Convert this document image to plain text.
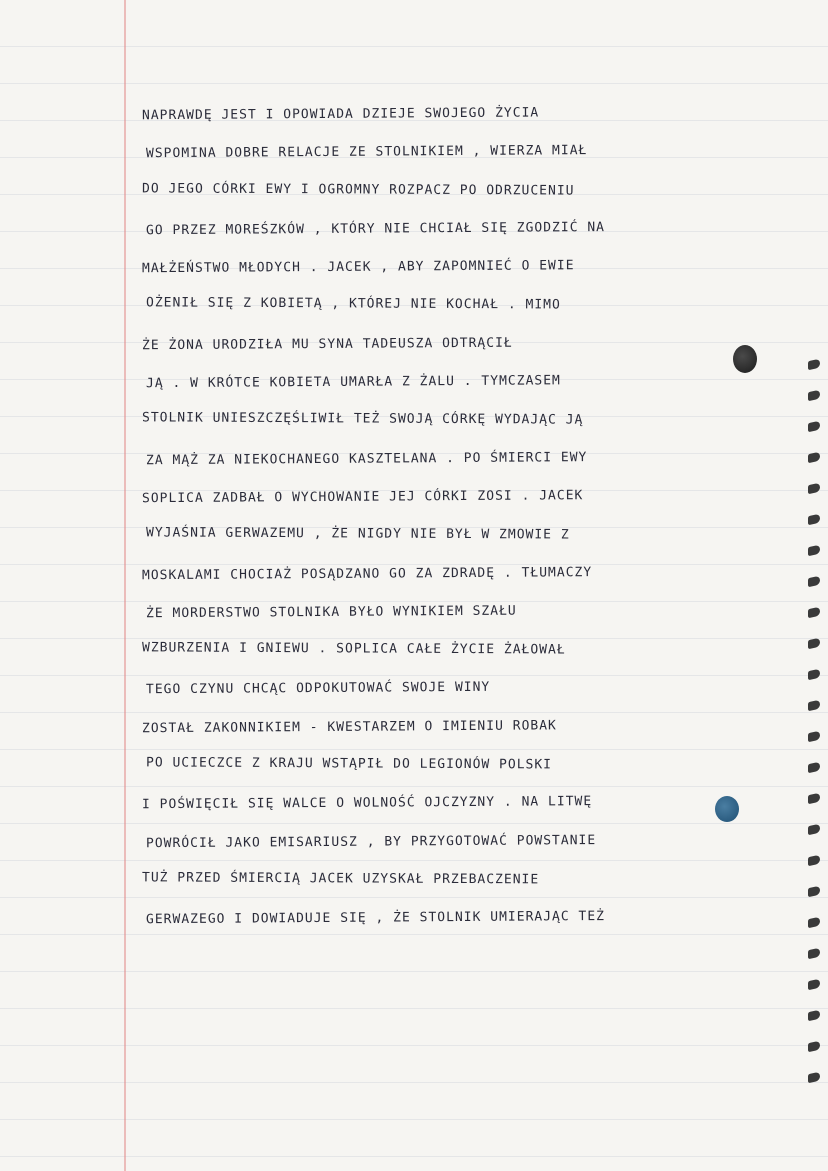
NAPRAWDĘ JEST I OPOWIADA DZIEJE SWOJEGO ŻYCIA
WSPOMINA DOBRE RELACJE ZE STOLNIKIEM , WIERZA MIAŁ
DO JEGO CÓRKI EWY I OGROMNY ROZPACZ PO ODRZUCENIU
GO PRZEZ MOREŚZKÓW , KTÓRY NIE CHCIAŁ SIĘ ZGODZIĆ NA
MAŁŻEŃSTWO MŁODYCH . JACEK , ABY ZAPOMNIEĆ O EWIE
OŻENIŁ SIĘ Z KOBIETĄ , KTÓREJ NIE KOCHAŁ . MIMO
ŻE ŻONA URODZIŁA MU SYNA TADEUSZA ODTRĄCIŁ
JĄ . W KRÓTCE KOBIETA UMARŁA Z ŻALU . TYMCZASEM
STOLNIK UNIESZCZĘŚLIWIŁ TEŻ SWOJĄ CÓRKĘ WYDAJĄC JĄ
ZA MĄŻ ZA NIEKOCHANEGO KASZTELANA . PO ŚMIERCI EWY
SOPLICA ZADBAŁ O WYCHOWANIE JEJ CÓRKI ZOSI . JACEK
WYJAŚNIA GERWAZEMU , ŻE NIGDY NIE BYŁ W ZMOWIE Z
MOSKALAMI CHOCIAŻ POSĄDZANO GO ZA ZDRADĘ . TŁUMACZY
ŻE MORDERSTWO STOLNIKA BYŁO WYNIKIEM SZAŁU
WZBURZENIA I GNIEWU . SOPLICA CAŁE ŻYCIE ŻAŁOWAŁ
TEGO CZYNU CHCĄC ODPOKUTOWAĆ SWOJE WINY
ZOSTAŁ ZAKONNIKIEM - KWESTARZEM O IMIENIU ROBAK
PO UCIECZCE Z KRAJU WSTĄPIŁ DO LEGIONÓW POLSKI
I POŚWIĘCIŁ SIĘ WALCE O WOLNOŚĆ OJCZYZNY . NA LITWĘ
POWRÓCIŁ JAKO EMISARIUSZ , BY PRZYGOTOWAĆ POWSTANIE
TUŻ PRZED ŚMIERCIĄ JACEK UZYSKAŁ PRZEBACZENIE
GERWAZEGO I DOWIADUJE SIĘ , ŻE STOLNIK UMIERAJĄC TEŻ
